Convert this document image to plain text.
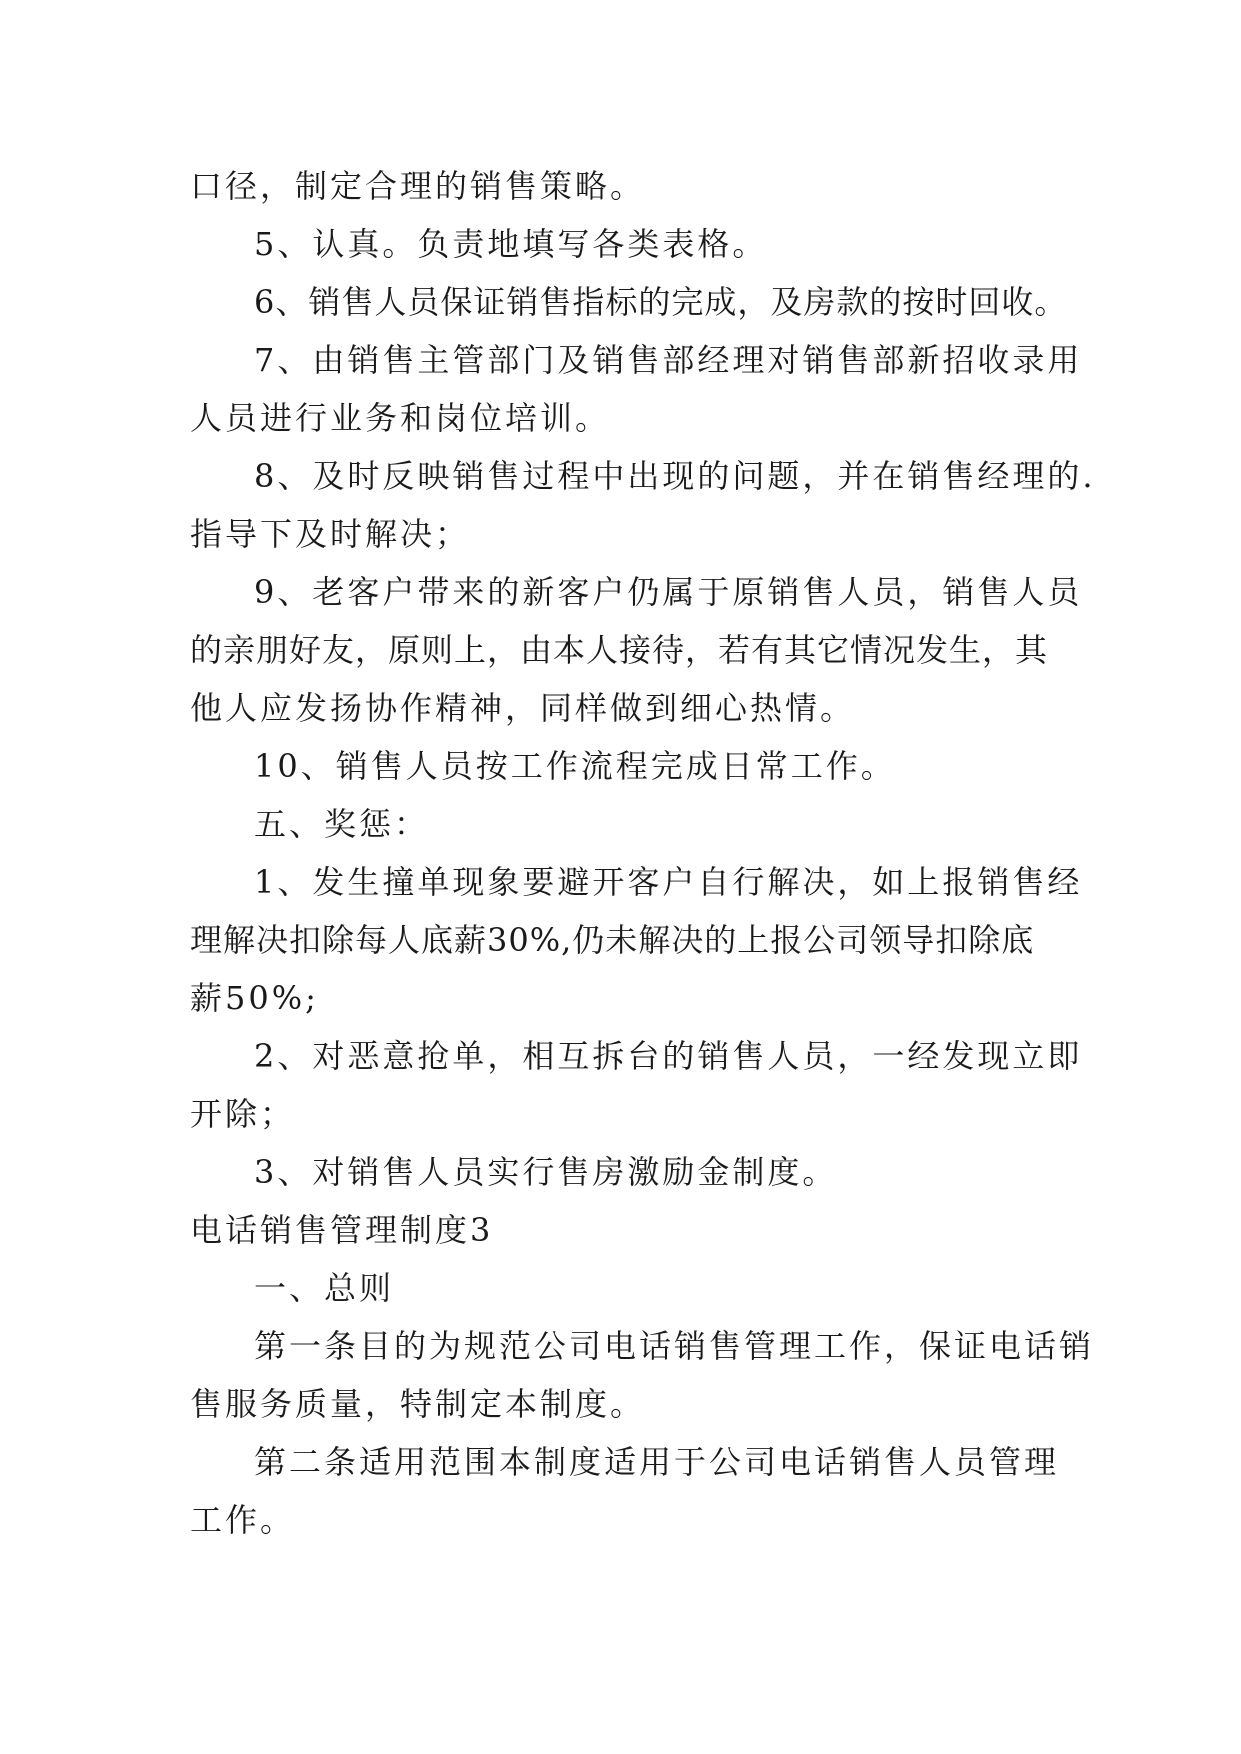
口径，制定合理的销售策略。
5、认真。负责地填写各类表格。
6、销售人员保证销售指标的完成，及房款的按时回收。
7、由销售主管部门及销售部经理对销售部新招收录用
人员进行业务和岗位培训。
8、及时反映销售过程中出现的问题，并在销售经理的.
指导下及时解决；
9、老客户带来的新客户仍属于原销售人员，销售人员
的亲朋好友，原则上，由本人接待，若有其它情况发生，其
他人应发扬协作精神，同样做到细心热情。
10、销售人员按工作流程完成日常工作。
五、奖惩：
1、发生撞单现象要避开客户自行解决，如上报销售经
理解决扣除每人底薪30%,仍未解决的上报公司领导扣除底
薪50%;
2、对恶意抢单，相互拆台的销售人员，一经发现立即
开除；
3、对销售人员实行售房激励金制度。
电话销售管理制度3
一、总则
第一条目的为规范公司电话销售管理工作，保证电话销
售服务质量，特制定本制度。
第二条适用范围本制度适用于公司电话销售人员管理
工作。
